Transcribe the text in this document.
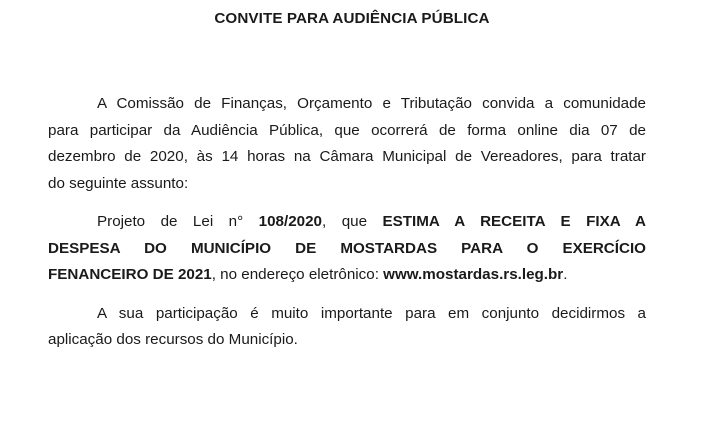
CONVITE PARA AUDIÊNCIA PÚBLICA

A Comissão de Finanças, Orçamento e Tributação convida a comunidade
para participar da Audiência Pública, que ocorrerá de forma online dia 07 de
dezembro de 2020, às 14 horas na Câmara Municipal de Vereadores, para tratar
do seguinte assunto:

Projeto de Lei n° 108/2020, que ESTIMA A RECEITA E FIXA A
DESPESA DO MUNICÍPIO DE MOSTARDAS PARA O EXERCÍCIO
FENANCEIRO DE 2021, no endereço eletrônico: www.mostardas.rs.leg.br.

A sua participação é muito importante para em conjunto decidirmos a
aplicação dos recursos do Município.
